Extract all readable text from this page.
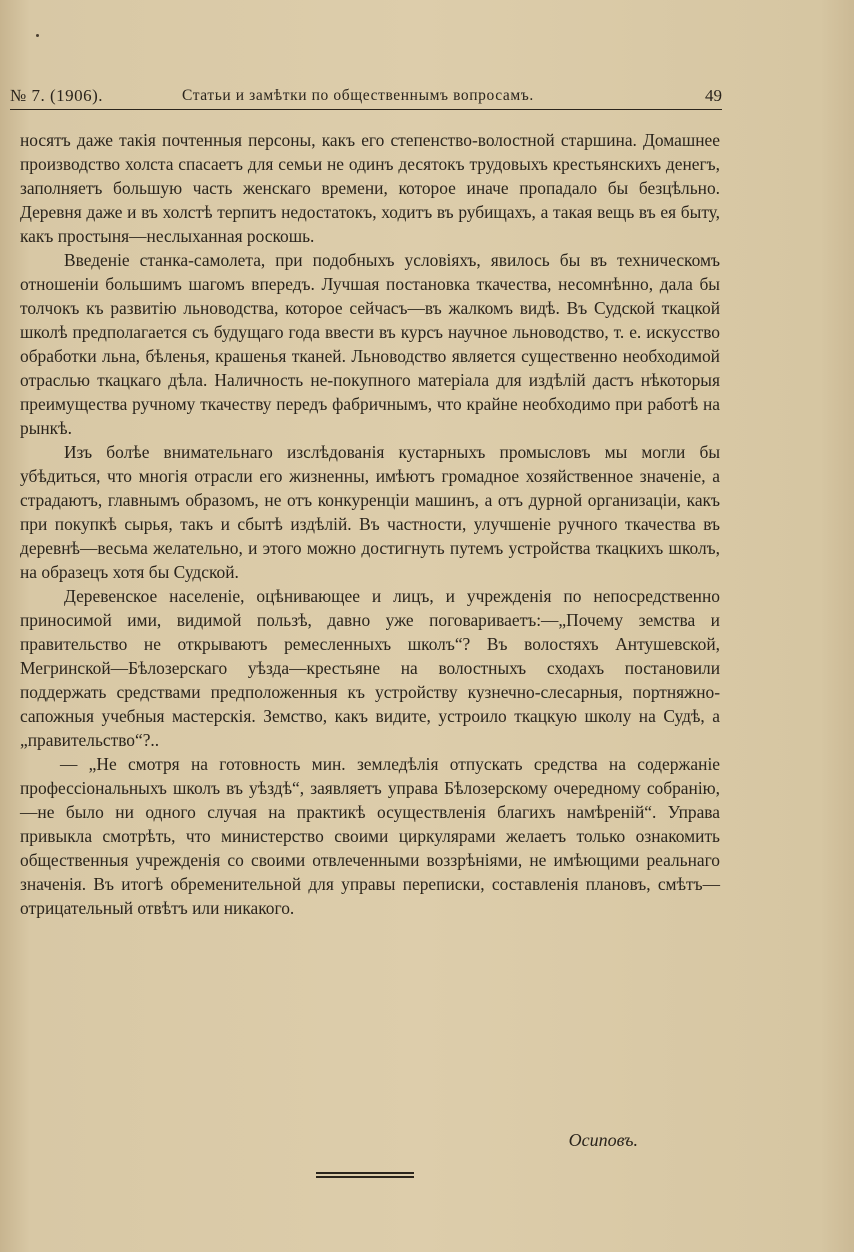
№ 7. (1906).	Статьи и замѣтки по общественнымъ вопросамъ.	49

носятъ даже такія почтенныя персоны, какъ его степенство-волостной старшина. Домашнее производство холста спасаетъ для семьи не одинъ десятокъ трудовыхъ крестьянскихъ денегъ, заполняетъ большую часть женскаго времени, которое иначе пропадало бы безцѣльно. Деревня даже и въ холстѣ терпитъ недостатокъ, ходитъ въ рубищахъ, а такая вещь въ ея быту, какъ простыня—неслыханная роскошь.

Введеніе станка-самолета, при подобныхъ условіяхъ, явилось бы въ техническомъ отношеніи большимъ шагомъ впередъ. Лучшая постановка ткачества, несомнѣнно, дала бы толчокъ къ развитію льноводства, которое сейчасъ—въ жалкомъ видѣ. Въ Судской ткацкой школѣ предполагается съ будущаго года ввести въ курсъ научное льноводство, т. е. искусство обработки льна, бѣленья, крашенья тканей. Льноводство является существенно необходимой отраслью ткацкаго дѣла. Наличность не-покупного матеріала для издѣлій дастъ нѣкоторыя преимущества ручному ткачеству передъ фабричнымъ, что крайне необходимо при работѣ на рынкѣ.

Изъ болѣе внимательнаго изслѣдованія кустарныхъ промысловъ мы могли бы убѣдиться, что многія отрасли его жизненны, имѣютъ громадное хозяйственное значеніе, а страдаютъ, главнымъ образомъ, не отъ конкуренціи машинъ, а отъ дурной организаціи, какъ при покупкѣ сырья, такъ и сбытѣ издѣлій. Въ частности, улучшеніе ручного ткачества въ деревнѣ—весьма желательно, и этого можно достигнуть путемъ устройства ткацкихъ школъ, на образецъ хотя бы Судской.

Деревенское населеніе, оцѣнивающее и лицъ, и учрежденія по непосредственно приносимой ими, видимой пользѣ, давно уже поговариваетъ:—„Почему земства и правительство не открываютъ ремесленныхъ школъ“? Въ волостяхъ Антушевской, Мегринской—Бѣлозерскаго уѣзда—крестьяне на волостныхъ сходахъ постановили поддержать средствами предположенныя къ устройству кузнечно-слесарныя, портняжно-сапожныя учебныя мастерскія. Земство, какъ видите, устроило ткацкую школу на Судѣ, а „правительство“?..

— „Не смотря на готовность мин. земледѣлія отпускать средства на содержаніе профессіональныхъ школъ въ уѣздѣ“, заявляетъ управа Бѣлозерскому очередному собранію,—не было ни одного случая на практикѣ осуществленія благихъ намѣреній“. Управа привыкла смотрѣть, что министерство своими циркулярами желаетъ только ознакомить общественныя учрежденія со своими отвлеченными воззрѣніями, не имѣющими реальнаго значенія. Въ итогѣ обременительной для управы переписки, составленія плановъ, смѣтъ—отрицательный отвѣтъ или никакого.

Осиповъ.
